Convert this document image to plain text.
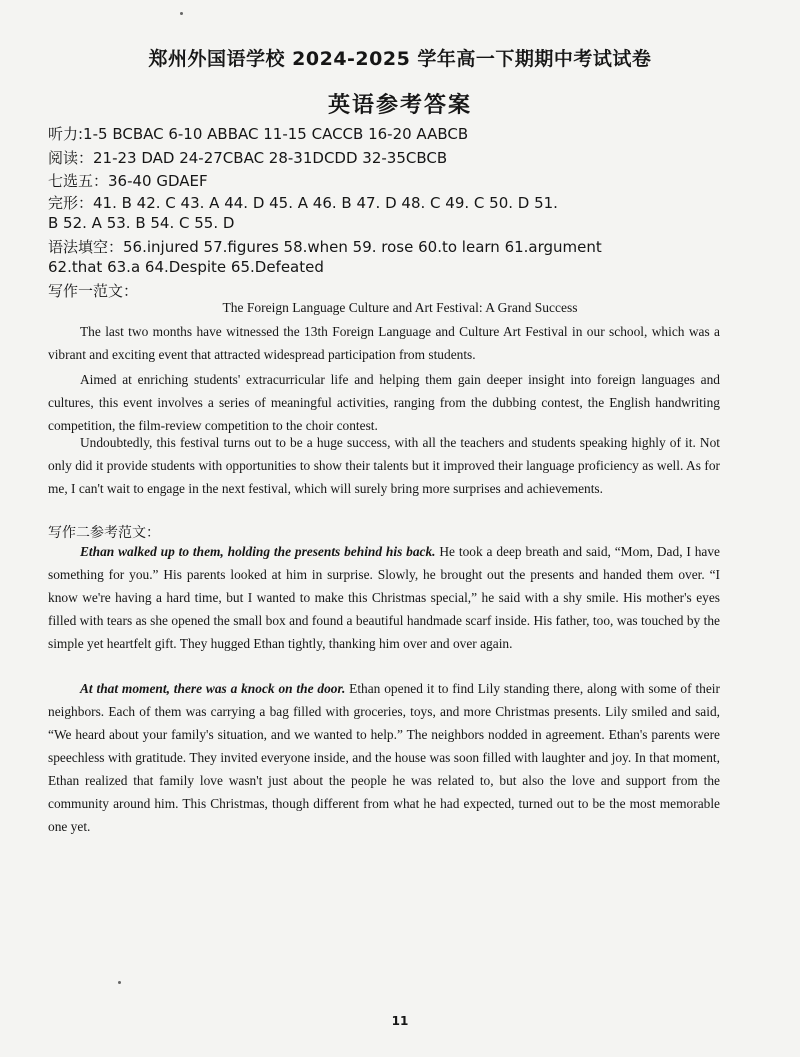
郑州外国语学校 2024-2025 学年高一下期期中考试试卷
英语参考答案
听力:1-5 BCBAC 6-10 ABBAC 11-15 CACCB 16-20 AABCB
阅读：21-23 DAD 24-27CBAC 28-31DCDD 32-35CBCB
七选五：36-40 GDAEF
完形：41. B 42. C 43. A 44. D 45. A 46. B 47. D 48. C 49. C 50. D 51.
B 52. A 53. B 54. C 55. D
语法填空：56.injured 57.figures 58.when 59. rose 60.to learn 61.argument
62.that 63.a 64.Despite 65.Defeated
写作一范文：
The Foreign Language Culture and Art Festival: A Grand Success
The last two months have witnessed the 13th Foreign Language and Culture Art Festival in our school, which was a vibrant and exciting event that attracted widespread participation from students.
Aimed at enriching students' extracurricular life and helping them gain deeper insight into foreign languages and cultures, this event involves a series of meaningful activities, ranging from the dubbing contest, the English handwriting competition, the film-review competition to the choir contest.
Undoubtedly, this festival turns out to be a huge success, with all the teachers and students speaking highly of it. Not only did it provide students with opportunities to show their talents but it improved their language proficiency as well. As for me, I can't wait to engage in the next festival, which will surely bring more surprises and achievements.
写作二参考范文：
Ethan walked up to them, holding the presents behind his back. He took a deep breath and said, “Mom, Dad, I have something for you.” His parents looked at him in surprise. Slowly, he brought out the presents and handed them over. “I know we're having a hard time, but I wanted to make this Christmas special,” he said with a shy smile. His mother's eyes filled with tears as she opened the small box and found a beautiful handmade scarf inside. His father, too, was touched by the simple yet heartfelt gift. They hugged Ethan tightly, thanking him over and over again.
At that moment, there was a knock on the door. Ethan opened it to find Lily standing there, along with some of their neighbors. Each of them was carrying a bag filled with groceries, toys, and more Christmas presents. Lily smiled and said, “We heard about your family's situation, and we wanted to help.” The neighbors nodded in agreement. Ethan's parents were speechless with gratitude. They invited everyone inside, and the house was soon filled with laughter and joy. In that moment, Ethan realized that family love wasn't just about the people he was related to, but also the love and support from the community around him. This Christmas, though different from what he had expected, turned out to be the most memorable one yet.
11
